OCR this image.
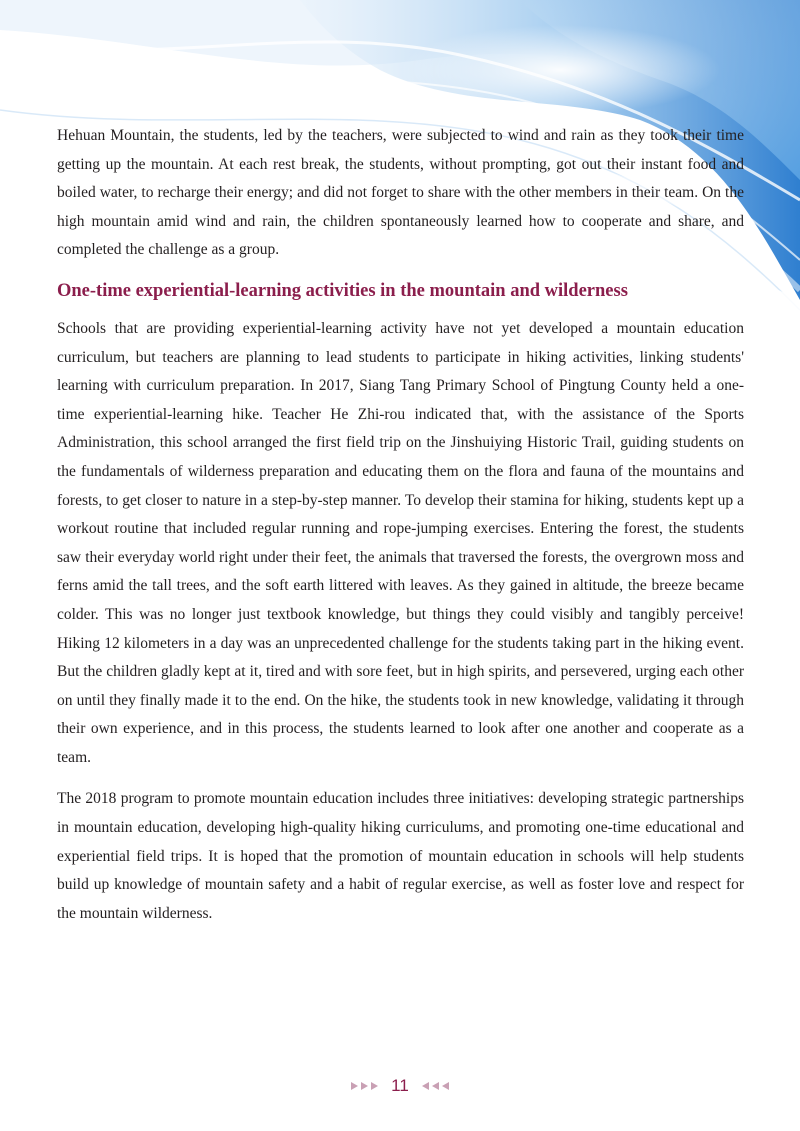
Hehuan Mountain, the students, led by the teachers, were subjected to wind and rain as they took their time getting up the mountain. At each rest break, the students, without prompting, got out their instant food and boiled water, to recharge their energy; and did not forget to share with the other members in their team. On the high mountain amid wind and rain, the children spontaneously learned how to cooperate and share, and completed the challenge as a group.

One-time experiential-learning activities in the mountain and wilderness

Schools that are providing experiential-learning activity have not yet developed a mountain education curriculum, but teachers are planning to lead students to participate in hiking activities, linking students' learning with curriculum preparation. In 2017, Siang Tang Primary School of Pingtung County held a one-time experiential-learning hike. Teacher He Zhi-rou indicated that, with the assistance of the Sports Administration, this school arranged the first field trip on the Jinshuiying Historic Trail, guiding students on the fundamentals of wilderness preparation and educating them on the flora and fauna of the mountains and forests, to get closer to nature in a step-by-step manner. To develop their stamina for hiking, students kept up a workout routine that included regular running and rope-jumping exercises. Entering the forest, the students saw their everyday world right under their feet, the animals that traversed the forests, the overgrown moss and ferns amid the tall trees, and the soft earth littered with leaves. As they gained in altitude, the breeze became colder. This was no longer just textbook knowledge, but things they could visibly and tangibly perceive! Hiking 12 kilometers in a day was an unprecedented challenge for the students taking part in the hiking event. But the children gladly kept at it, tired and with sore feet, but in high spirits, and persevered, urging each other on until they finally made it to the end. On the hike, the students took in new knowledge, validating it through their own experience, and in this process, the students learned to look after one another and cooperate as a team.

The 2018 program to promote mountain education includes three initiatives: developing strategic partnerships in mountain education, developing high-quality hiking curriculums, and promoting one-time educational and experiential field trips. It is hoped that the promotion of mountain education in schools will help students build up knowledge of mountain safety and a habit of regular exercise, as well as foster love and respect for the mountain wilderness.

11
